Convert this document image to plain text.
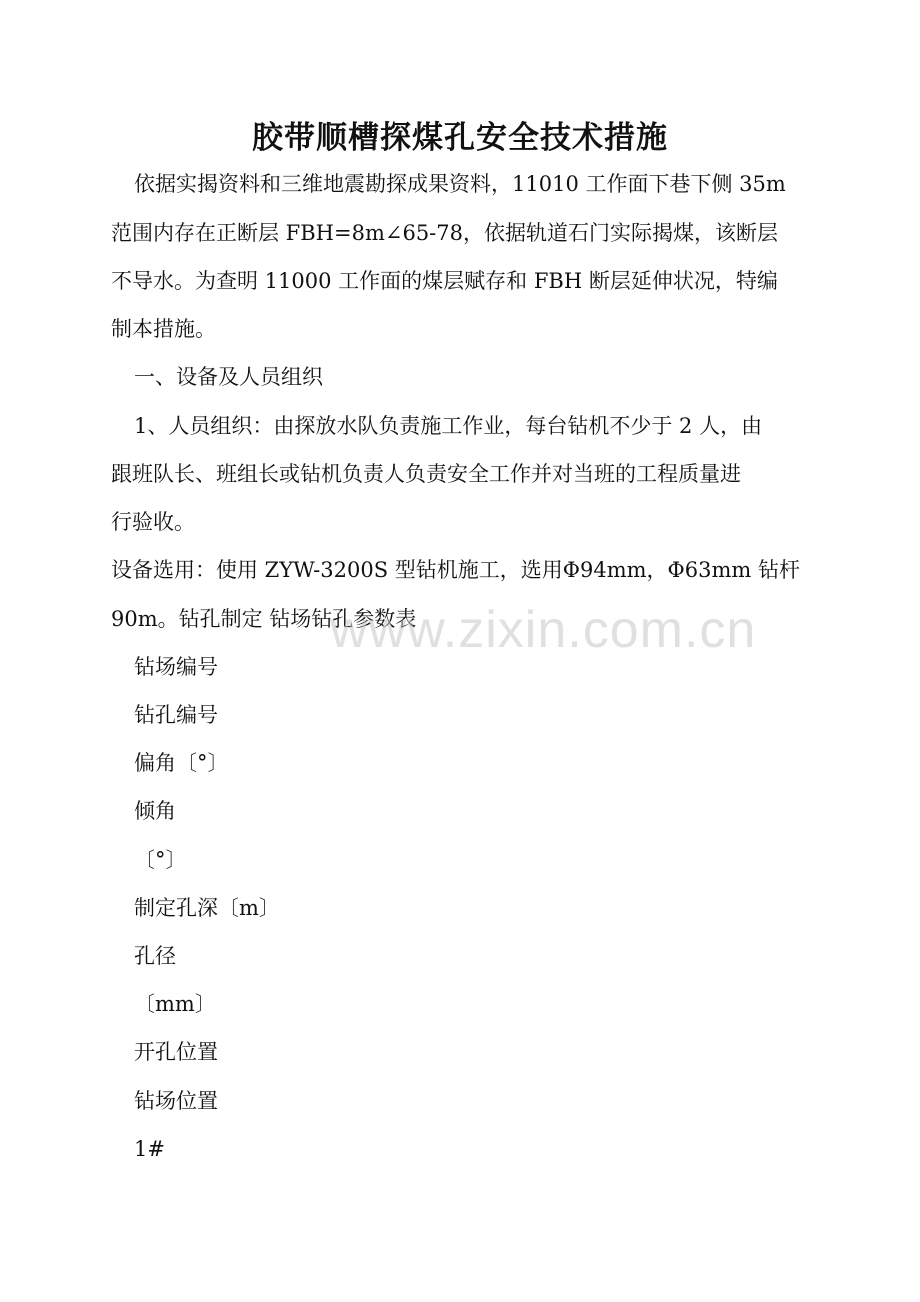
胶带顺槽探煤孔安全技术措施
依据实揭资料和三维地震勘探成果资料，11010 工作面下巷下侧 35m
范围内存在正断层 FBH=8m∠65-78，依据轨道石门实际揭煤，该断层
不导水。为查明 11000 工作面的煤层赋存和 FBH 断层延伸状况，特编
制本措施。
一、设备及人员组织
1、人员组织：由探放水队负责施工作业，每台钻机不少于 2 人，由
跟班队长、班组长或钻机负责人负责安全工作并对当班的工程质量进
行验收。
设备选用：使用 ZYW-3200S 型钻机施工，选用Φ94mm，Φ63mm 钻杆
90m。钻孔制定 钻场钻孔参数表
钻场编号
钻孔编号
偏角〔°〕
倾角
〔°〕
制定孔深〔m〕
孔径
〔mm〕
开孔位置
钻场位置
1#
www.zixin.com.cn
